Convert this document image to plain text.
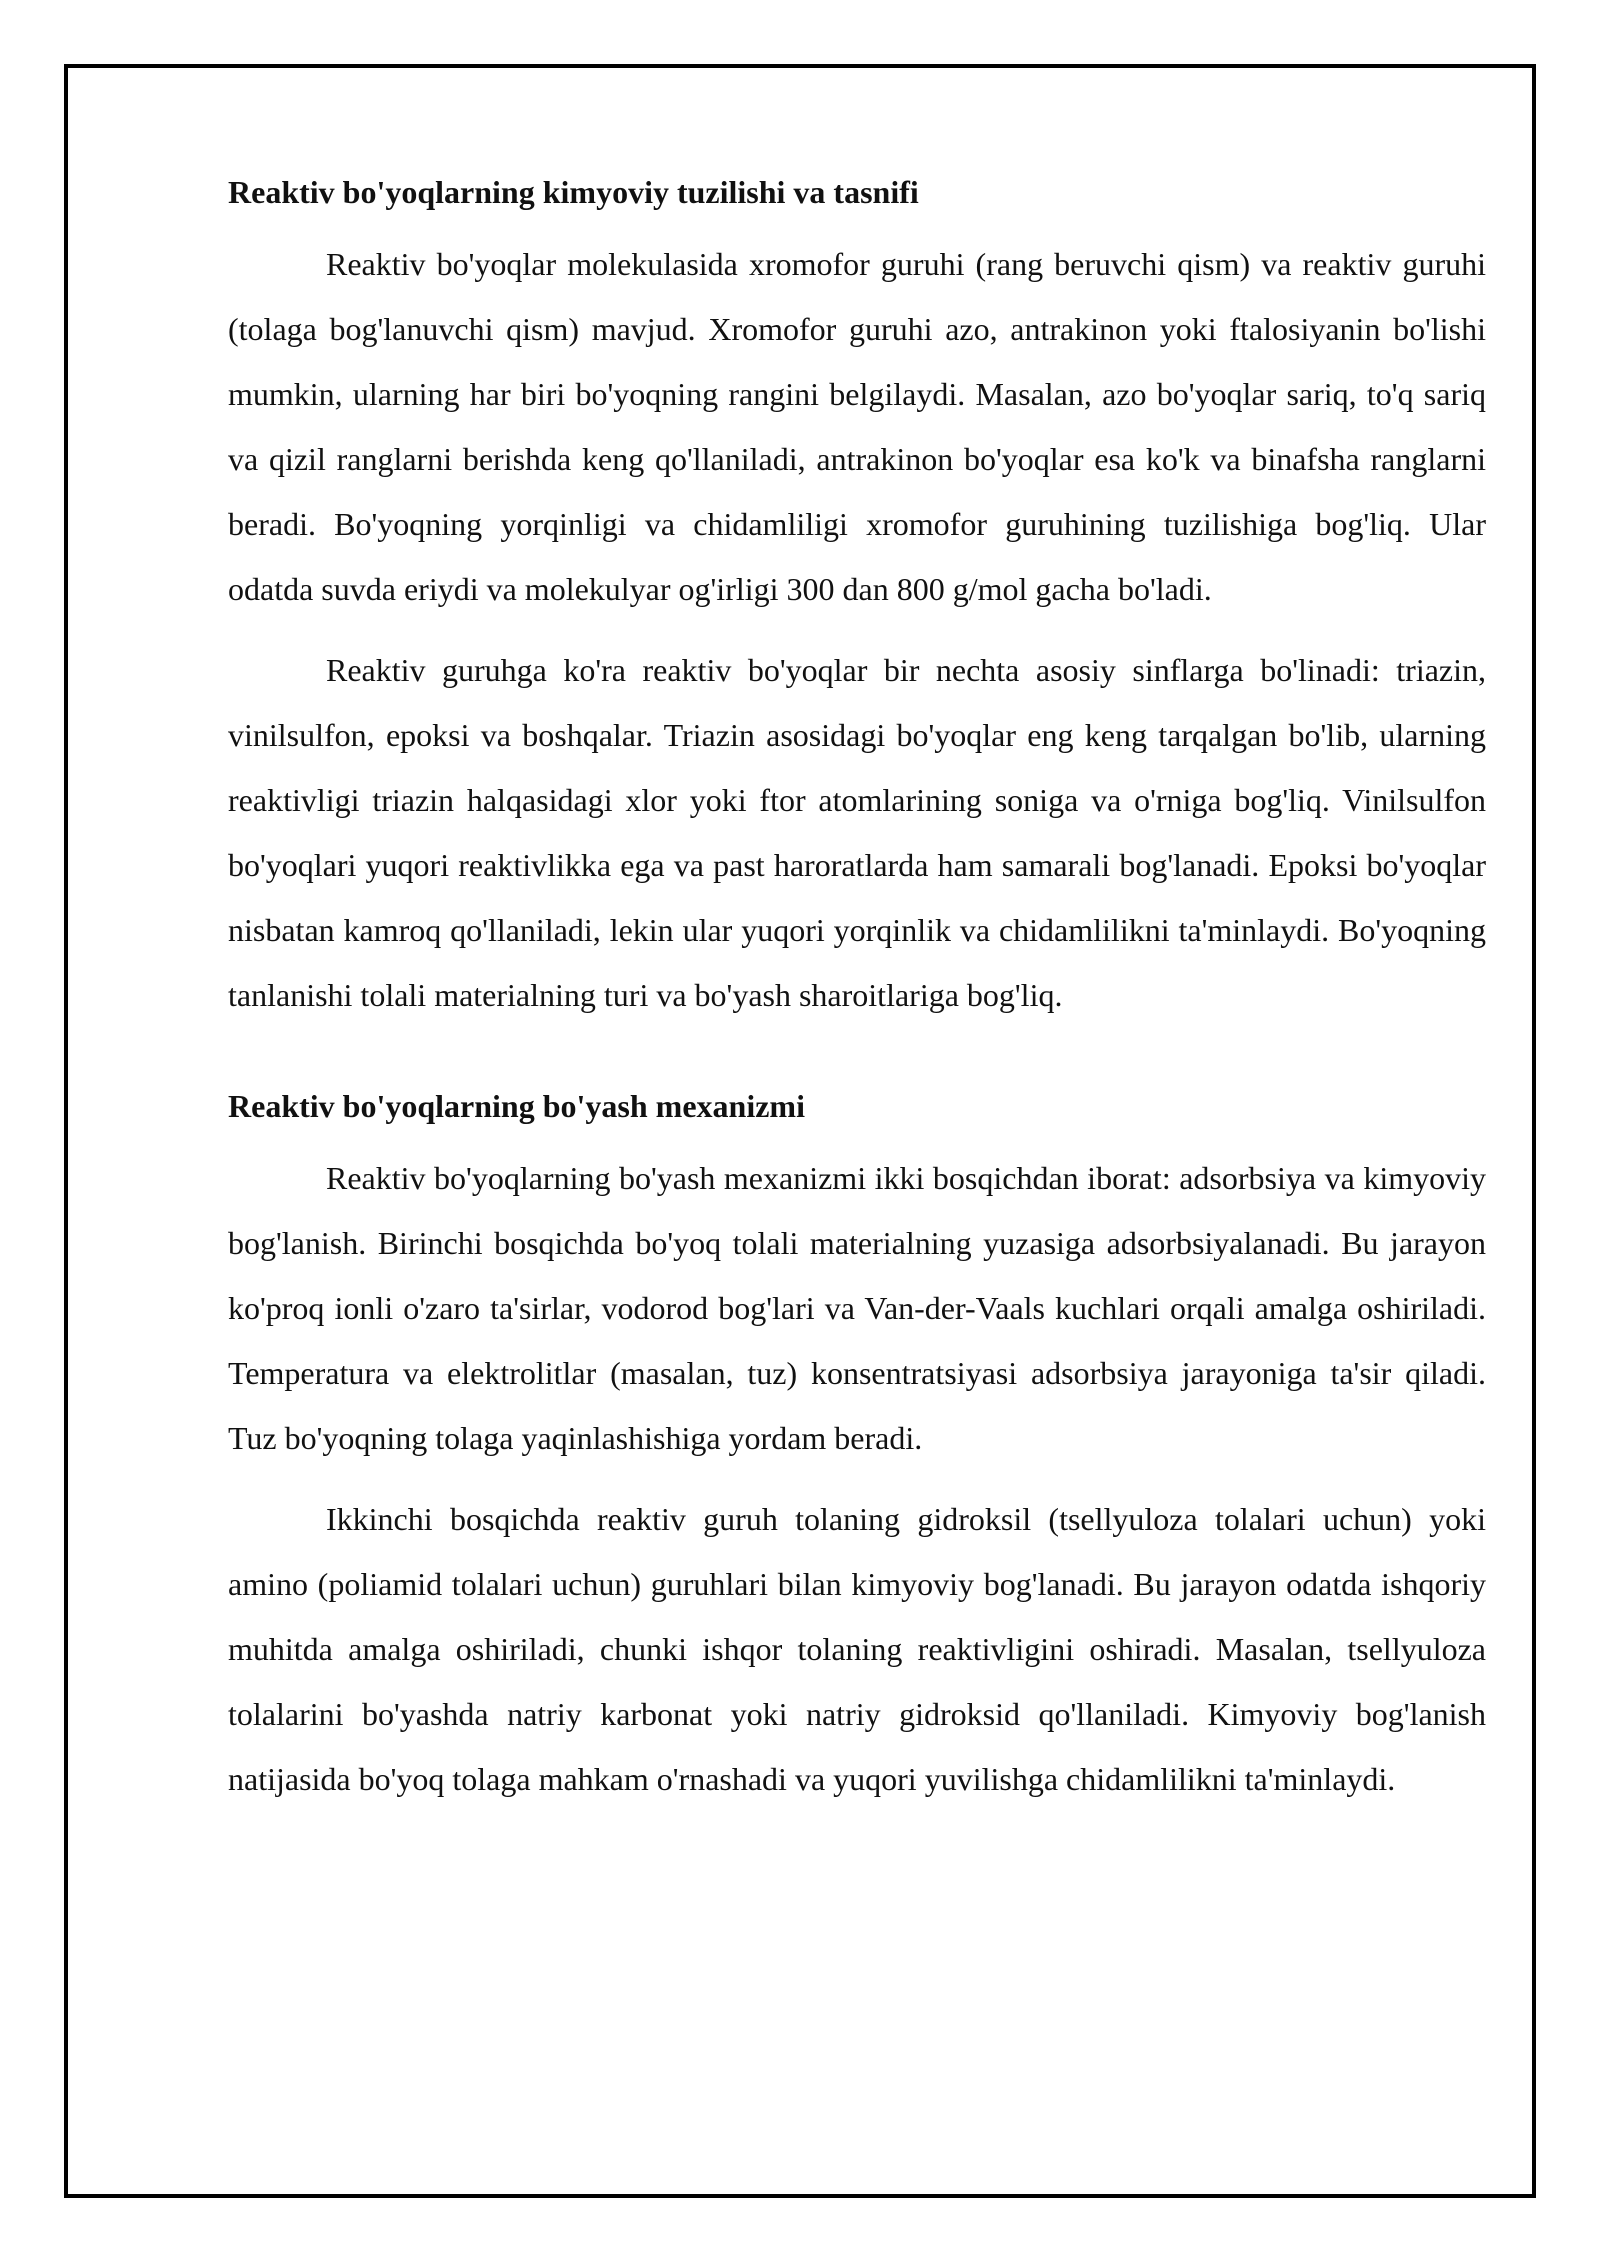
Reaktiv bo'yoqlarning kimyoviy tuzilishi va tasnifi

Reaktiv bo'yoqlar molekulasida xromofor guruhi (rang beruvchi qism) va reaktiv guruhi (tolaga bog'lanuvchi qism) mavjud. Xromofor guruhi azo, antrakinon yoki ftalosiyanin bo'lishi mumkin, ularning har biri bo'yoqning rangini belgilaydi. Masalan, azo bo'yoqlar sariq, to'q sariq va qizil ranglarni berishda keng qo'llaniladi, antrakinon bo'yoqlar esa ko'k va binafsha ranglarni beradi. Bo'yoqning yorqinligi va chidamliligi xromofor guruhining tuzilishiga bog'liq. Ular odatda suvda eriydi va molekulyar og'irligi 300 dan 800 g/mol gacha bo'ladi.

Reaktiv guruhga ko'ra reaktiv bo'yoqlar bir nechta asosiy sinflarga bo'linadi: triazin, vinilsulfon, epoksi va boshqalar. Triazin asosidagi bo'yoqlar eng keng tarqalgan bo'lib, ularning reaktivligi triazin halqasidagi xlor yoki ftor atomlarining soniga va o'rniga bog'liq. Vinilsulfon bo'yoqlari yuqori reaktivlikka ega va past haroratlarda ham samarali bog'lanadi. Epoksi bo'yoqlar nisbatan kamroq qo'llaniladi, lekin ular yuqori yorqinlik va chidamlilikni ta'minlaydi. Bo'yoqning tanlanishi tolali materialning turi va bo'yash sharoitlariga bog'liq.

Reaktiv bo'yoqlarning bo'yash mexanizmi

Reaktiv bo'yoqlarning bo'yash mexanizmi ikki bosqichdan iborat: adsorbsiya va kimyoviy bog'lanish. Birinchi bosqichda bo'yoq tolali materialning yuzasiga adsorbsiyalanadi. Bu jarayon ko'proq ionli o'zaro ta'sirlar, vodorod bog'lari va Van-der-Vaals kuchlari orqali amalga oshiriladi. Temperatura va elektrolitlar (masalan, tuz) konsentratsiyasi adsorbsiya jarayoniga ta'sir qiladi. Tuz bo'yoqning tolaga yaqinlashishiga yordam beradi.

Ikkinchi bosqichda reaktiv guruh tolaning gidroksil (tsellyuloza tolalari uchun) yoki amino (poliamid tolalari uchun) guruhlari bilan kimyoviy bog'lanadi. Bu jarayon odatda ishqoriy muhitda amalga oshiriladi, chunki ishqor tolaning reaktivligini oshiradi. Masalan, tsellyuloza tolalarini bo'yashda natriy karbonat yoki natriy gidroksid qo'llaniladi. Kimyoviy bog'lanish natijasida bo'yoq tolaga mahkam o'rnashadi va yuqori yuvilishga chidamlilikni ta'minlaydi.
